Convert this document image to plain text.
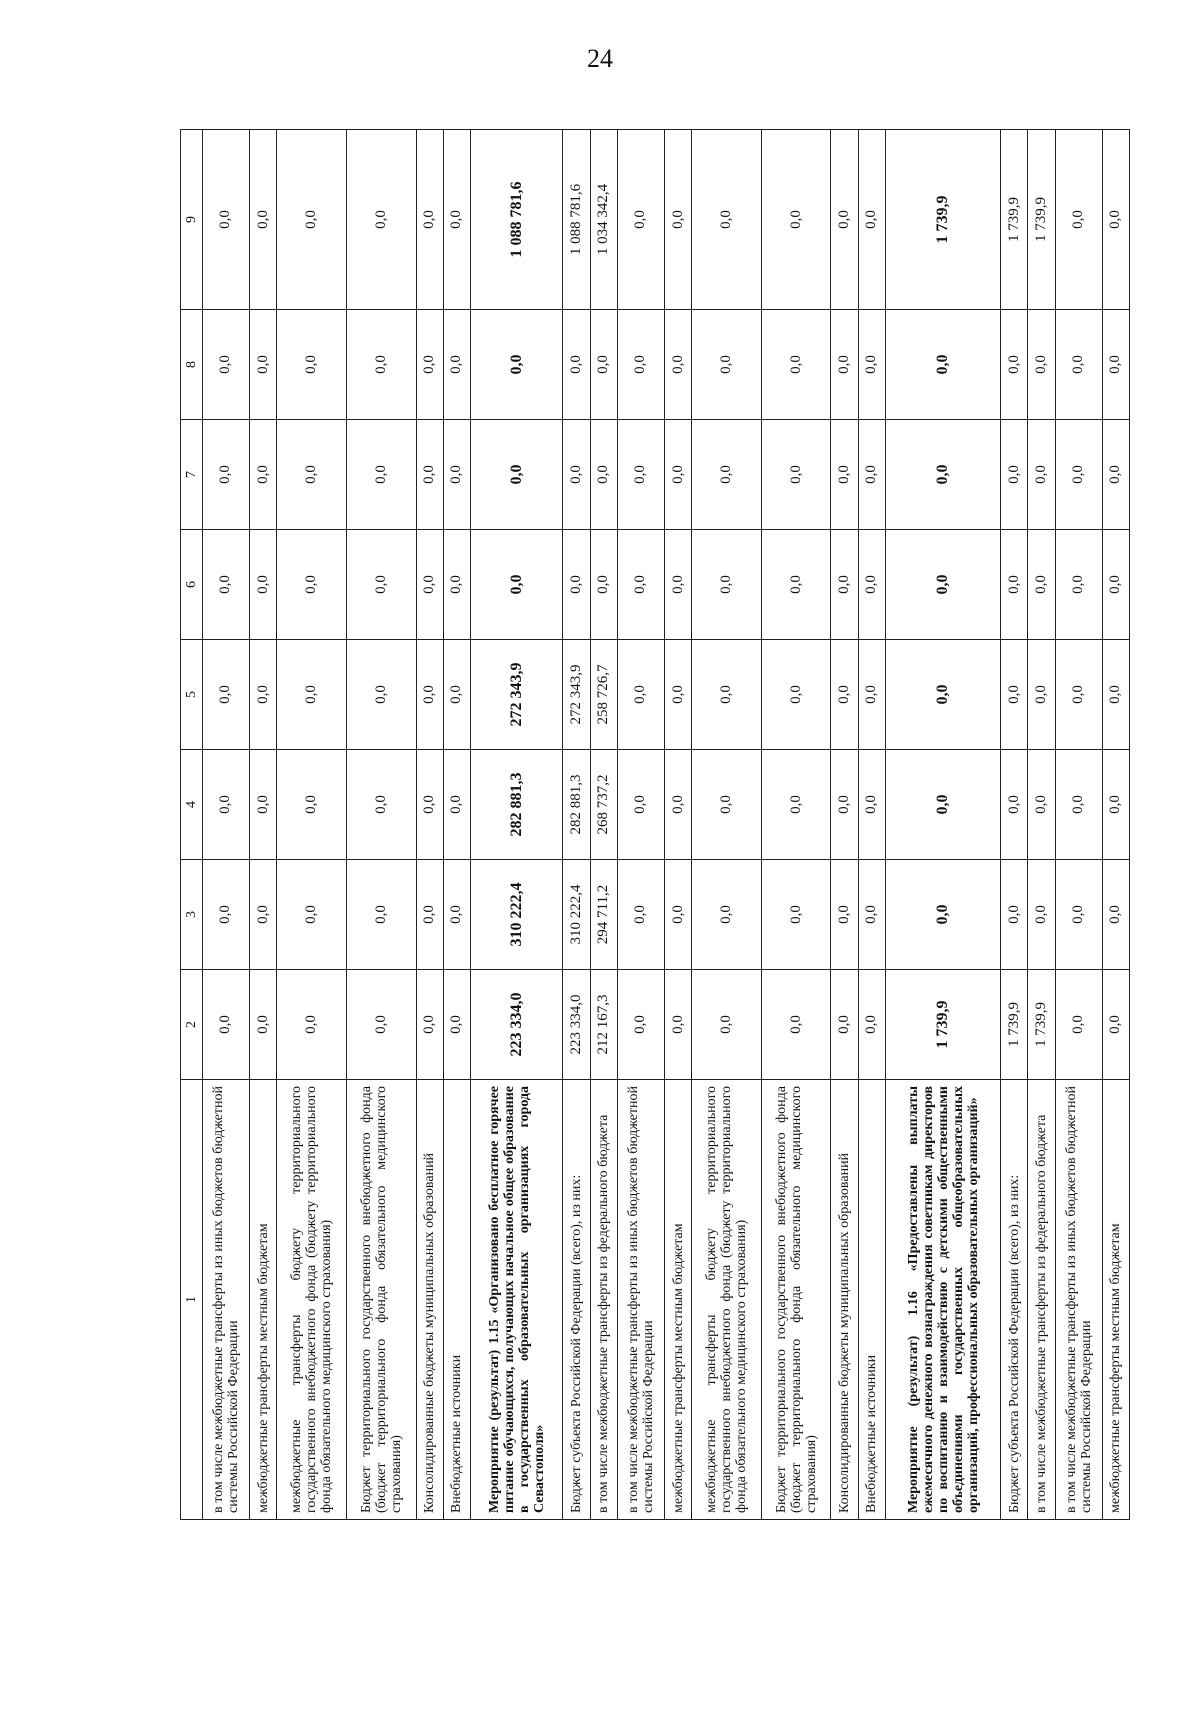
24
1	2	3	4	5	6	7	8	9
в том числе межбюджетные трансферты из иных бюджетов бюджетной системы Российской Федерации	0,0	0,0	0,0	0,0	0,0	0,0	0,0	0,0
межбюджетные трансферты местным бюджетам	0,0	0,0	0,0	0,0	0,0	0,0	0,0	0,0
межбюджетные трансферты бюджету территориального государственного внебюджетного фонда (бюджету территориального фонда обязательного медицинского страхования)	0,0	0,0	0,0	0,0	0,0	0,0	0,0	0,0
Бюджет территориального государственного внебюджетного фонда (бюджет территориального фонда обязательного медицинского страхования)	0,0	0,0	0,0	0,0	0,0	0,0	0,0	0,0
Консолидированные бюджеты муниципальных образований	0,0	0,0	0,0	0,0	0,0	0,0	0,0	0,0
Внебюджетные источники	0,0	0,0	0,0	0,0	0,0	0,0	0,0	0,0
Мероприятие (результат) 1.15 «Организовано бесплатное горячее питание обучающихся, получающих начальное общее образование в государственных образовательных организациях города Севастополя»	223 334,0	310 222,4	282 881,3	272 343,9	0,0	0,0	0,0	1 088 781,6
Бюджет субъекта Российской Федерации (всего), из них:	223 334,0	310 222,4	282 881,3	272 343,9	0,0	0,0	0,0	1 088 781,6
в том числе межбюджетные трансферты из федерального бюджета	212 167,3	294 711,2	268 737,2	258 726,7	0,0	0,0	0,0	1 034 342,4
в том числе межбюджетные трансферты из иных бюджетов бюджетной системы Российской Федерации	0,0	0,0	0,0	0,0	0,0	0,0	0,0	0,0
межбюджетные трансферты местным бюджетам	0,0	0,0	0,0	0,0	0,0	0,0	0,0	0,0
межбюджетные трансферты бюджету территориального государственного внебюджетного фонда (бюджету территориального фонда обязательного медицинского страхования)	0,0	0,0	0,0	0,0	0,0	0,0	0,0	0,0
Бюджет территориального государственного внебюджетного фонда (бюджет территориального фонда обязательного медицинского страхования)	0,0	0,0	0,0	0,0	0,0	0,0	0,0	0,0
Консолидированные бюджеты муниципальных образований	0,0	0,0	0,0	0,0	0,0	0,0	0,0	0,0
Внебюджетные источники	0,0	0,0	0,0	0,0	0,0	0,0	0,0	0,0
Мероприятие (результат) 1.16 «Предоставлены выплаты ежемесячного денежного вознаграждения советникам директоров по воспитанию и взаимодействию с детскими общественными объединениями государственных общеобразовательных организаций, профессиональных образовательных организаций»	1 739,9	0,0	0,0	0,0	0,0	0,0	0,0	1 739,9
Бюджет субъекта Российской Федерации (всего), из них:	1 739,9	0,0	0,0	0,0	0,0	0,0	0,0	1 739,9
в том числе межбюджетные трансферты из федерального бюджета	1 739,9	0,0	0,0	0,0	0,0	0,0	0,0	1 739,9
в том числе межбюджетные трансферты из иных бюджетов бюджетной системы Российской Федерации	0,0	0,0	0,0	0,0	0,0	0,0	0,0	0,0
межбюджетные трансферты местным бюджетам	0,0	0,0	0,0	0,0	0,0	0,0	0,0	0,0
